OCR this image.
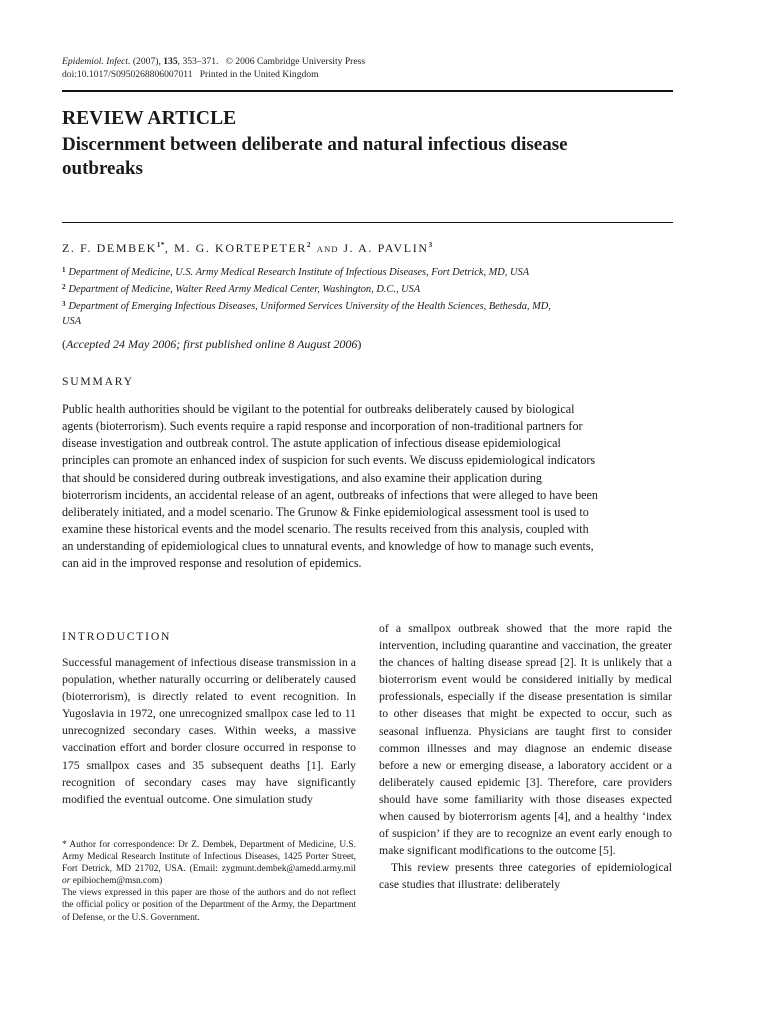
Epidemiol. Infect. (2007), 135, 353–371. © 2006 Cambridge University Press
doi:10.1017/S0950268806007011 Printed in the United Kingdom
REVIEW ARTICLE
Discernment between deliberate and natural infectious disease outbreaks
Z. F. $DEMBEK^{1*}$, M. G. KORTEPETER$^2$ AND J. A. PAVLIN$^3$
$^1$ Department of Medicine, U.S. Army Medical Research Institute of Infectious Diseases, Fort Detrick, MD, USA
$^2$ Department of Medicine, Walter Reed Army Medical Center, Washington, D.C., USA
$^3$ Department of Emerging Infectious Diseases, Uniformed Services University of the Health Sciences, Bethesda, MD, USA
(Accepted 24 May 2006; first published online 8 August 2006)
SUMMARY
Public health authorities should be vigilant to the potential for outbreaks deliberately caused by biological agents (bioterrorism). Such events require a rapid response and incorporation of non-traditional partners for disease investigation and outbreak control. The astute application of infectious disease epidemiological principles can promote an enhanced index of suspicion for such events. We discuss epidemiological indicators that should be considered during outbreak investigations, and also examine their application during bioterrorism incidents, an accidental release of an agent, outbreaks of infections that were alleged to have been deliberately initiated, and a model scenario. The Grunow & Finke epidemiological assessment tool is used to examine these historical events and the model scenario. The results received from this analysis, coupled with an understanding of epidemiological clues to unnatural events, and knowledge of how to manage such events, can aid in the improved response and resolution of epidemics.
INTRODUCTION
Successful management of infectious disease transmission in a population, whether naturally occurring or deliberately caused (bioterrorism), is directly related to event recognition. In Yugoslavia in 1972, one unrecognized smallpox case led to 11 unrecognized secondary cases. Within weeks, a massive vaccination effort and border closure occurred in response to 175 smallpox cases and 35 subsequent deaths [1]. Early recognition of secondary cases may have significantly modified the eventual outcome. One simulation study
of a smallpox outbreak showed that the more rapid the intervention, including quarantine and vaccination, the greater the chances of halting disease spread [2]. It is unlikely that a bioterrorism event would be considered initially by medical professionals, especially if the disease presentation is similar to other diseases that might be expected to occur, such as seasonal influenza. Physicians are taught first to consider common illnesses and may diagnose an endemic disease before a new or emerging disease, a laboratory accident or a deliberately caused epidemic [3]. Therefore, care providers should have some familiarity with those diseases expected when caused by bioterrorism agents [4], and a healthy ‘index of suspicion’ if they are to recognize an event early enough to make significant modifications to the outcome [5].
This review presents three categories of epidemiological case studies that illustrate: deliberately

* Author for correspondence: Dr Z. Dembek, Department of Medicine, U.S. Army Medical Research Institute of Infectious Diseases, 1425 Porter Street, Fort Detrick, MD 21702, USA. (Email: zygmunt.dembek@amedd.army.mil or epibiochem@msn.com)

The views expressed in this paper are those of the authors and do not reflect the official policy or position of the Department of the Army, the Department of Defense, or the U.S. Government.
